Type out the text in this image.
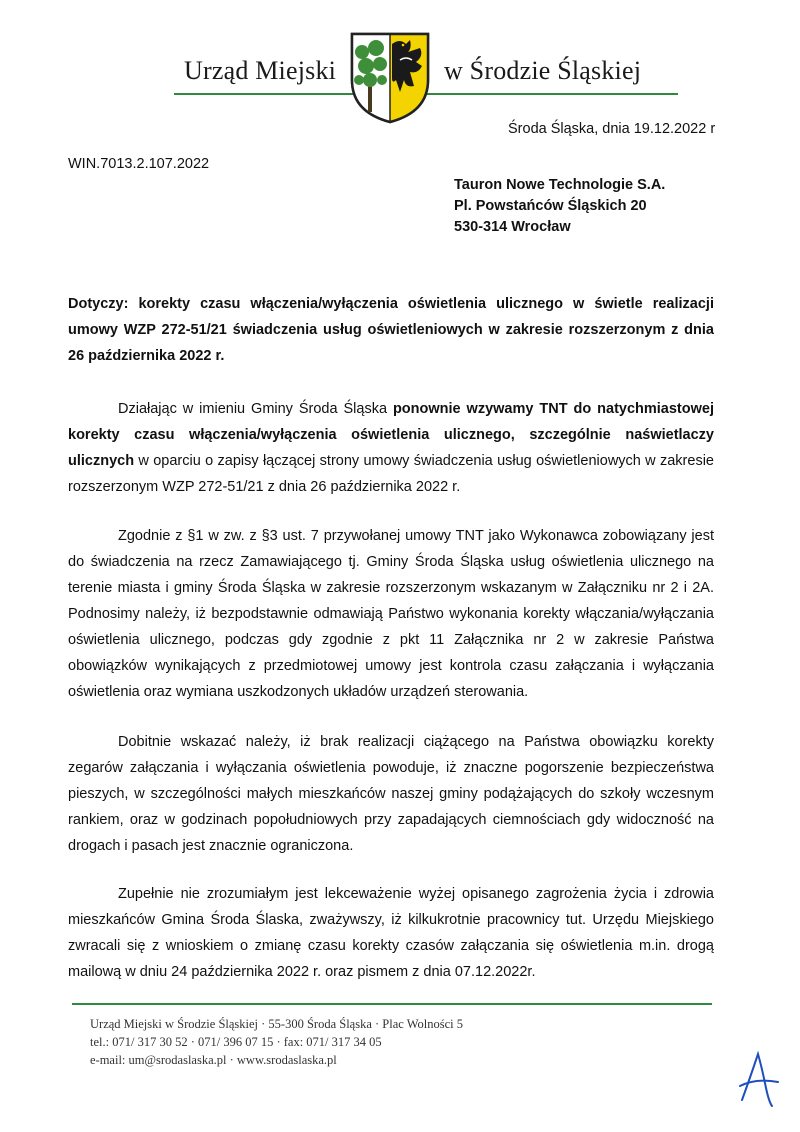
Urząd Miejski	w Środzie Śląskiej
Środa Śląska, dnia 19.12.2022 r
WIN.7013.2.107.2022
Tauron Nowe Technologie S.A.
Pl. Powstańców Śląskich 20
530-314 Wrocław
Dotyczy: korekty czasu włączenia/wyłączenia oświetlenia ulicznego w świetle realizacji umowy WZP 272-51/21 świadczenia usług oświetleniowych w zakresie rozszerzonym z dnia 26 października 2022 r.
Działając w imieniu Gminy Środa Śląska ponownie wzywamy TNT do natychmiastowej korekty czasu włączenia/wyłączenia oświetlenia ulicznego, szczególnie naświetlaczy ulicznych w oparciu o zapisy łączącej strony umowy świadczenia usług oświetleniowych w zakresie rozszerzonym WZP 272-51/21 z dnia 26 października 2022 r.
Zgodnie z §1 w zw. z §3 ust. 7 przywołanej umowy TNT jako Wykonawca zobowiązany jest do świadczenia na rzecz Zamawiającego tj. Gminy Środa Śląska usług oświetlenia ulicznego na terenie miasta i gminy Środa Śląska w zakresie rozszerzonym wskazanym w Załączniku nr 2 i 2A. Podnosimy należy, iż bezpodstawnie odmawiają Państwo wykonania korekty włączania/wyłączania oświetlenia ulicznego, podczas gdy zgodnie z pkt 11 Załącznika nr 2 w zakresie Państwa obowiązków wynikających z przedmiotowej umowy jest kontrola czasu załączania i wyłączania oświetlenia oraz wymiana uszkodzonych układów urządzeń sterowania.
Dobitnie wskazać należy, iż brak realizacji ciążącego na Państwa obowiązku korekty zegarów załączania i wyłączania oświetlenia powoduje, iż znaczne pogorszenie bezpieczeństwa pieszych, w szczególności małych mieszkańców naszej gminy podążających do szkoły wczesnym rankiem, oraz w godzinach popołudniowych przy zapadających ciemnościach gdy widoczność na drogach i pasach jest znacznie ograniczona.
Zupełnie nie zrozumiałym jest lekceważenie wyżej opisanego zagrożenia życia i zdrowia mieszkańców Gmina Środa Ślaska, zważywszy, iż kilkukrotnie pracownicy tut. Urzędu Miejskiego zwracali się z wnioskiem o zmianę czasu korekty czasów załączania się oświetlenia m.in. drogą mailową w dniu 24 października 2022 r. oraz pismem z dnia 07.12.2022r.
Urząd Miejski w Środzie Śląskiej · 55-300 Środa Śląska · Plac Wolności 5
tel.: 071/ 317 30 52 · 071/ 396 07 15 · fax: 071/ 317 34 05
e-mail: um@srodaslaska.pl · www.srodaslaska.pl
